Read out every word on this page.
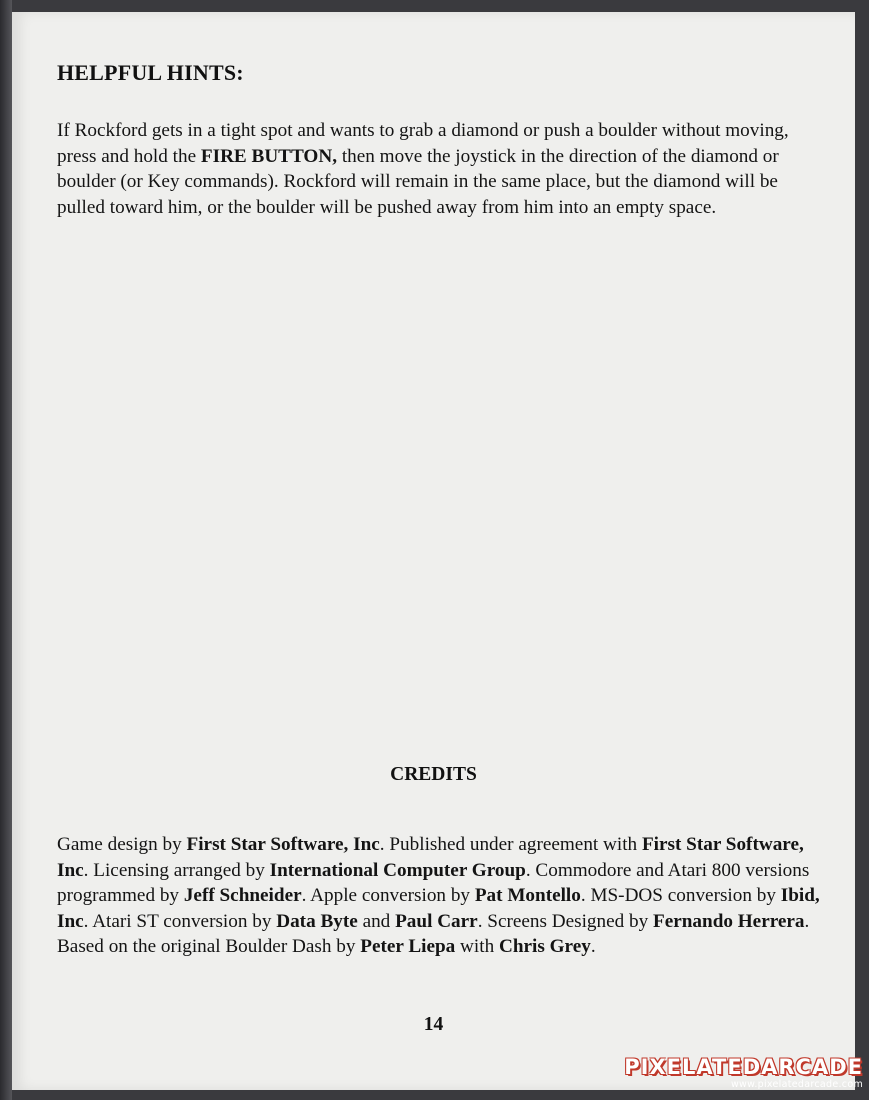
HELPFUL HINTS:

If Rockford gets in a tight spot and wants to grab a diamond or push a boulder without moving, press and hold the FIRE BUTTON, then move the joystick in the direction of the diamond or boulder (or Key commands). Rockford will remain in the same place, but the diamond will be pulled toward him, or the boulder will be pushed away from him into an empty space.

CREDITS

Game design by First Star Software, Inc. Published under agreement with First Star Software, Inc. Licensing arranged by International Computer Group. Commodore and Atari 800 versions programmed by Jeff Schneider. Apple conversion by Pat Montello. MS-DOS conversion by Ibid, Inc. Atari ST conversion by Data Byte and Paul Carr. Screens Designed by Fernando Herrera. Based on the original Boulder Dash by Peter Liepa with Chris Grey.

14
PIXELATEDARCADE
www.pixelatedarcade.com
